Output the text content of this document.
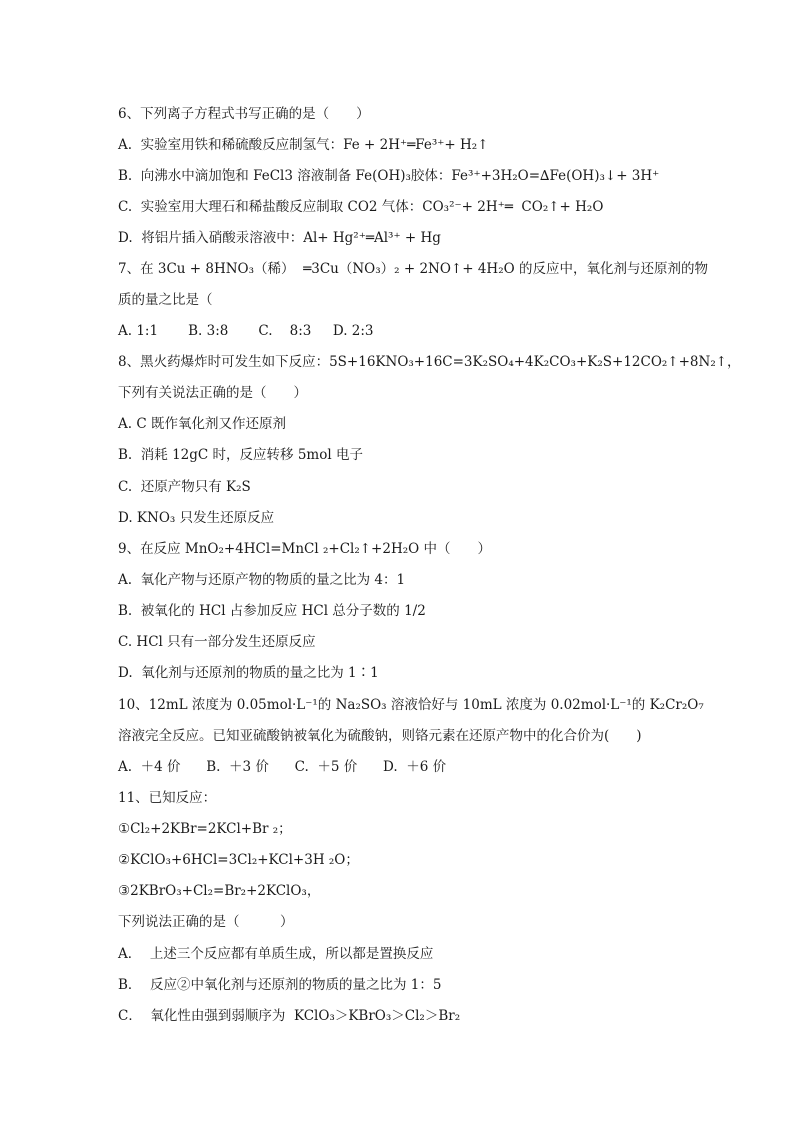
6、下列离子方程式书写正确的是（　　）
A.  实验室用铁和稀硫酸反应制氢气：Fe + 2H⁺═Fe³⁺+ H₂↑
B.  向沸水中滴加饱和 FeCl3 溶液制备 Fe(OH)₃胶体：Fe³⁺+3H₂O=∆Fe(OH)₃↓+ 3H⁺
C.  实验室用大理石和稀盐酸反应制取 CO2 气体：CO₃²⁻+ 2H⁺═  CO₂↑+ H₂O
D.  将铝片插入硝酸汞溶液中：Al+ Hg²⁺═Al³⁺ + Hg
7、在 3Cu + 8HNO₃（稀）  ═3Cu（NO₃）₂ + 2NO↑+ 4H₂O 的反应中，氧化剂与还原剂的物
质的量之比是（
A. 1:1       B. 3:8       C.    8:3     D. 2:3
8、黑火药爆炸时可发生如下反应：5S+16KNO₃+16C=3K₂SO₄+4K₂CO₃+K₂S+12CO₂↑+8N₂↑，
下列有关说法正确的是（　　）
A. C 既作氧化剂又作还原剂
B.  消耗 12gC 时，反应转移 5mol 电子
C.  还原产物只有 K₂S
D. KNO₃ 只发生还原反应
9、在反应 MnO₂+4HCl=MnCl ₂+Cl₂↑+2H₂O 中（　　）
A.  氧化产物与还原产物的物质的量之比为 4：1
B.  被氧化的 HCl 占参加反应 HCl 总分子数的 1/2
C. HCl 只有一部分发生还原反应
D.  氧化剂与还原剂的物质的量之比为 1∶1
10、12mL 浓度为 0.05mol·L⁻¹的 Na₂SO₃ 溶液恰好与 10mL 浓度为 0.02mol·L⁻¹的 K₂Cr₂O₇
溶液完全反应。已知亚硫酸钠被氧化为硫酸钠，则铬元素在还原产物中的化合价为(　　)
A.  ＋4 价      B.  ＋3 价      C.  ＋5 价      D.  ＋6 价
11、已知反应：
①Cl₂+2KBr=2KCl+Br ₂；
②KClO₃+6HCl=3Cl₂+KCl+3H ₂O；
③2KBrO₃+Cl₂=Br₂+2KClO₃，
下列说法正确的是（　　　）
A．  上述三个反应都有单质生成，所以都是置换反应
B．  反应②中氧化剂与还原剂的物质的量之比为 1：5
C．  氧化性由强到弱顺序为  KClO₃＞KBrO₃＞Cl₂＞Br₂
